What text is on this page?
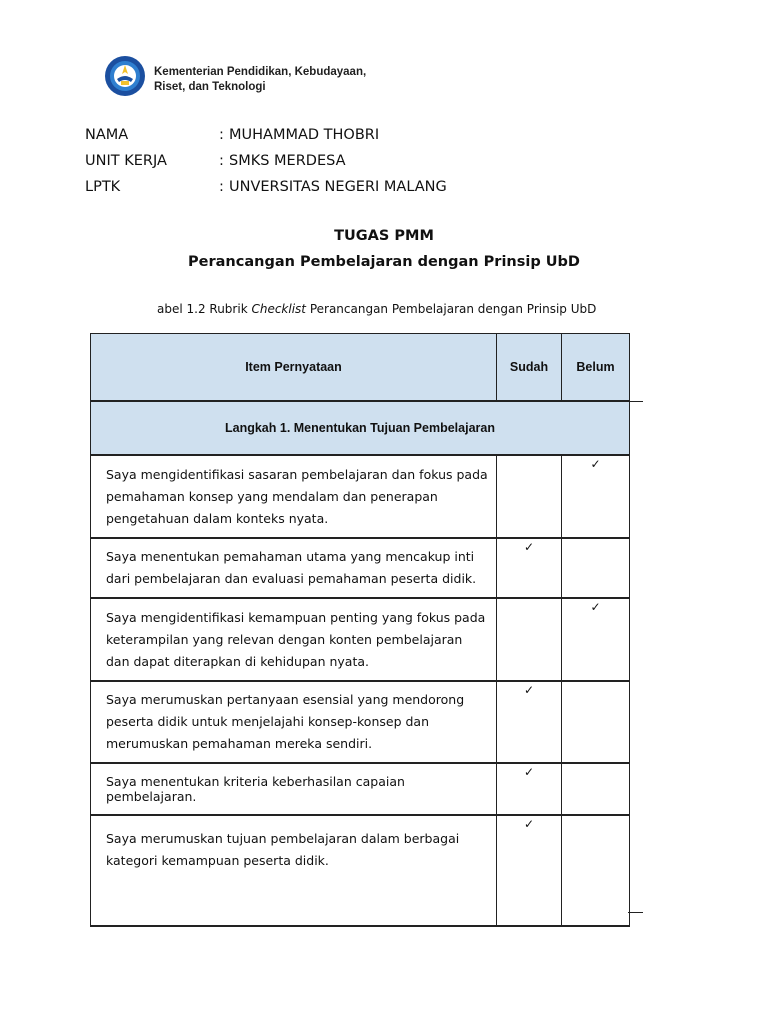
Kementerian Pendidikan, Kebudayaan,
Riset, dan Teknologi
NAMA	: MUHAMMAD THOBRI
UNIT KERJA	: SMKS MERDESA
LPTK	: UNVERSITAS NEGERI MALANG
TUGAS PMM
Perancangan Pembelajaran dengan Prinsip UbD
abel 1.2 Rubrik Checklist Perancangan Pembelajaran dengan Prinsip UbD
Item Pernyataan	Sudah	Belum
Langkah 1. Menentukan Tujuan Pembelajaran		
Saya mengidentifikasi sasaran pembelajaran dan fokus pada pemahaman konsep yang mendalam dan penerapan pengetahuan dalam konteks nyata.		✓

Saya menentukan pemahaman utama yang mencakup inti dari pembelajaran dan evaluasi pemahaman peserta didik.	✓	

Saya mengidentifikasi kemampuan penting yang fokus pada keterampilan yang relevan dengan konten pembelajaran dan dapat diterapkan di kehidupan nyata.		✓

Saya merumuskan pertanyaan esensial yang mendorong peserta didik untuk menjelajahi konsep-konsep dan merumuskan pemahaman mereka sendiri.	✓	

Saya menentukan kriteria keberhasilan capaian pembelajaran.	✓	

Saya merumuskan tujuan pembelajaran dalam berbagai kategori kemampuan peserta didik.	✓	
